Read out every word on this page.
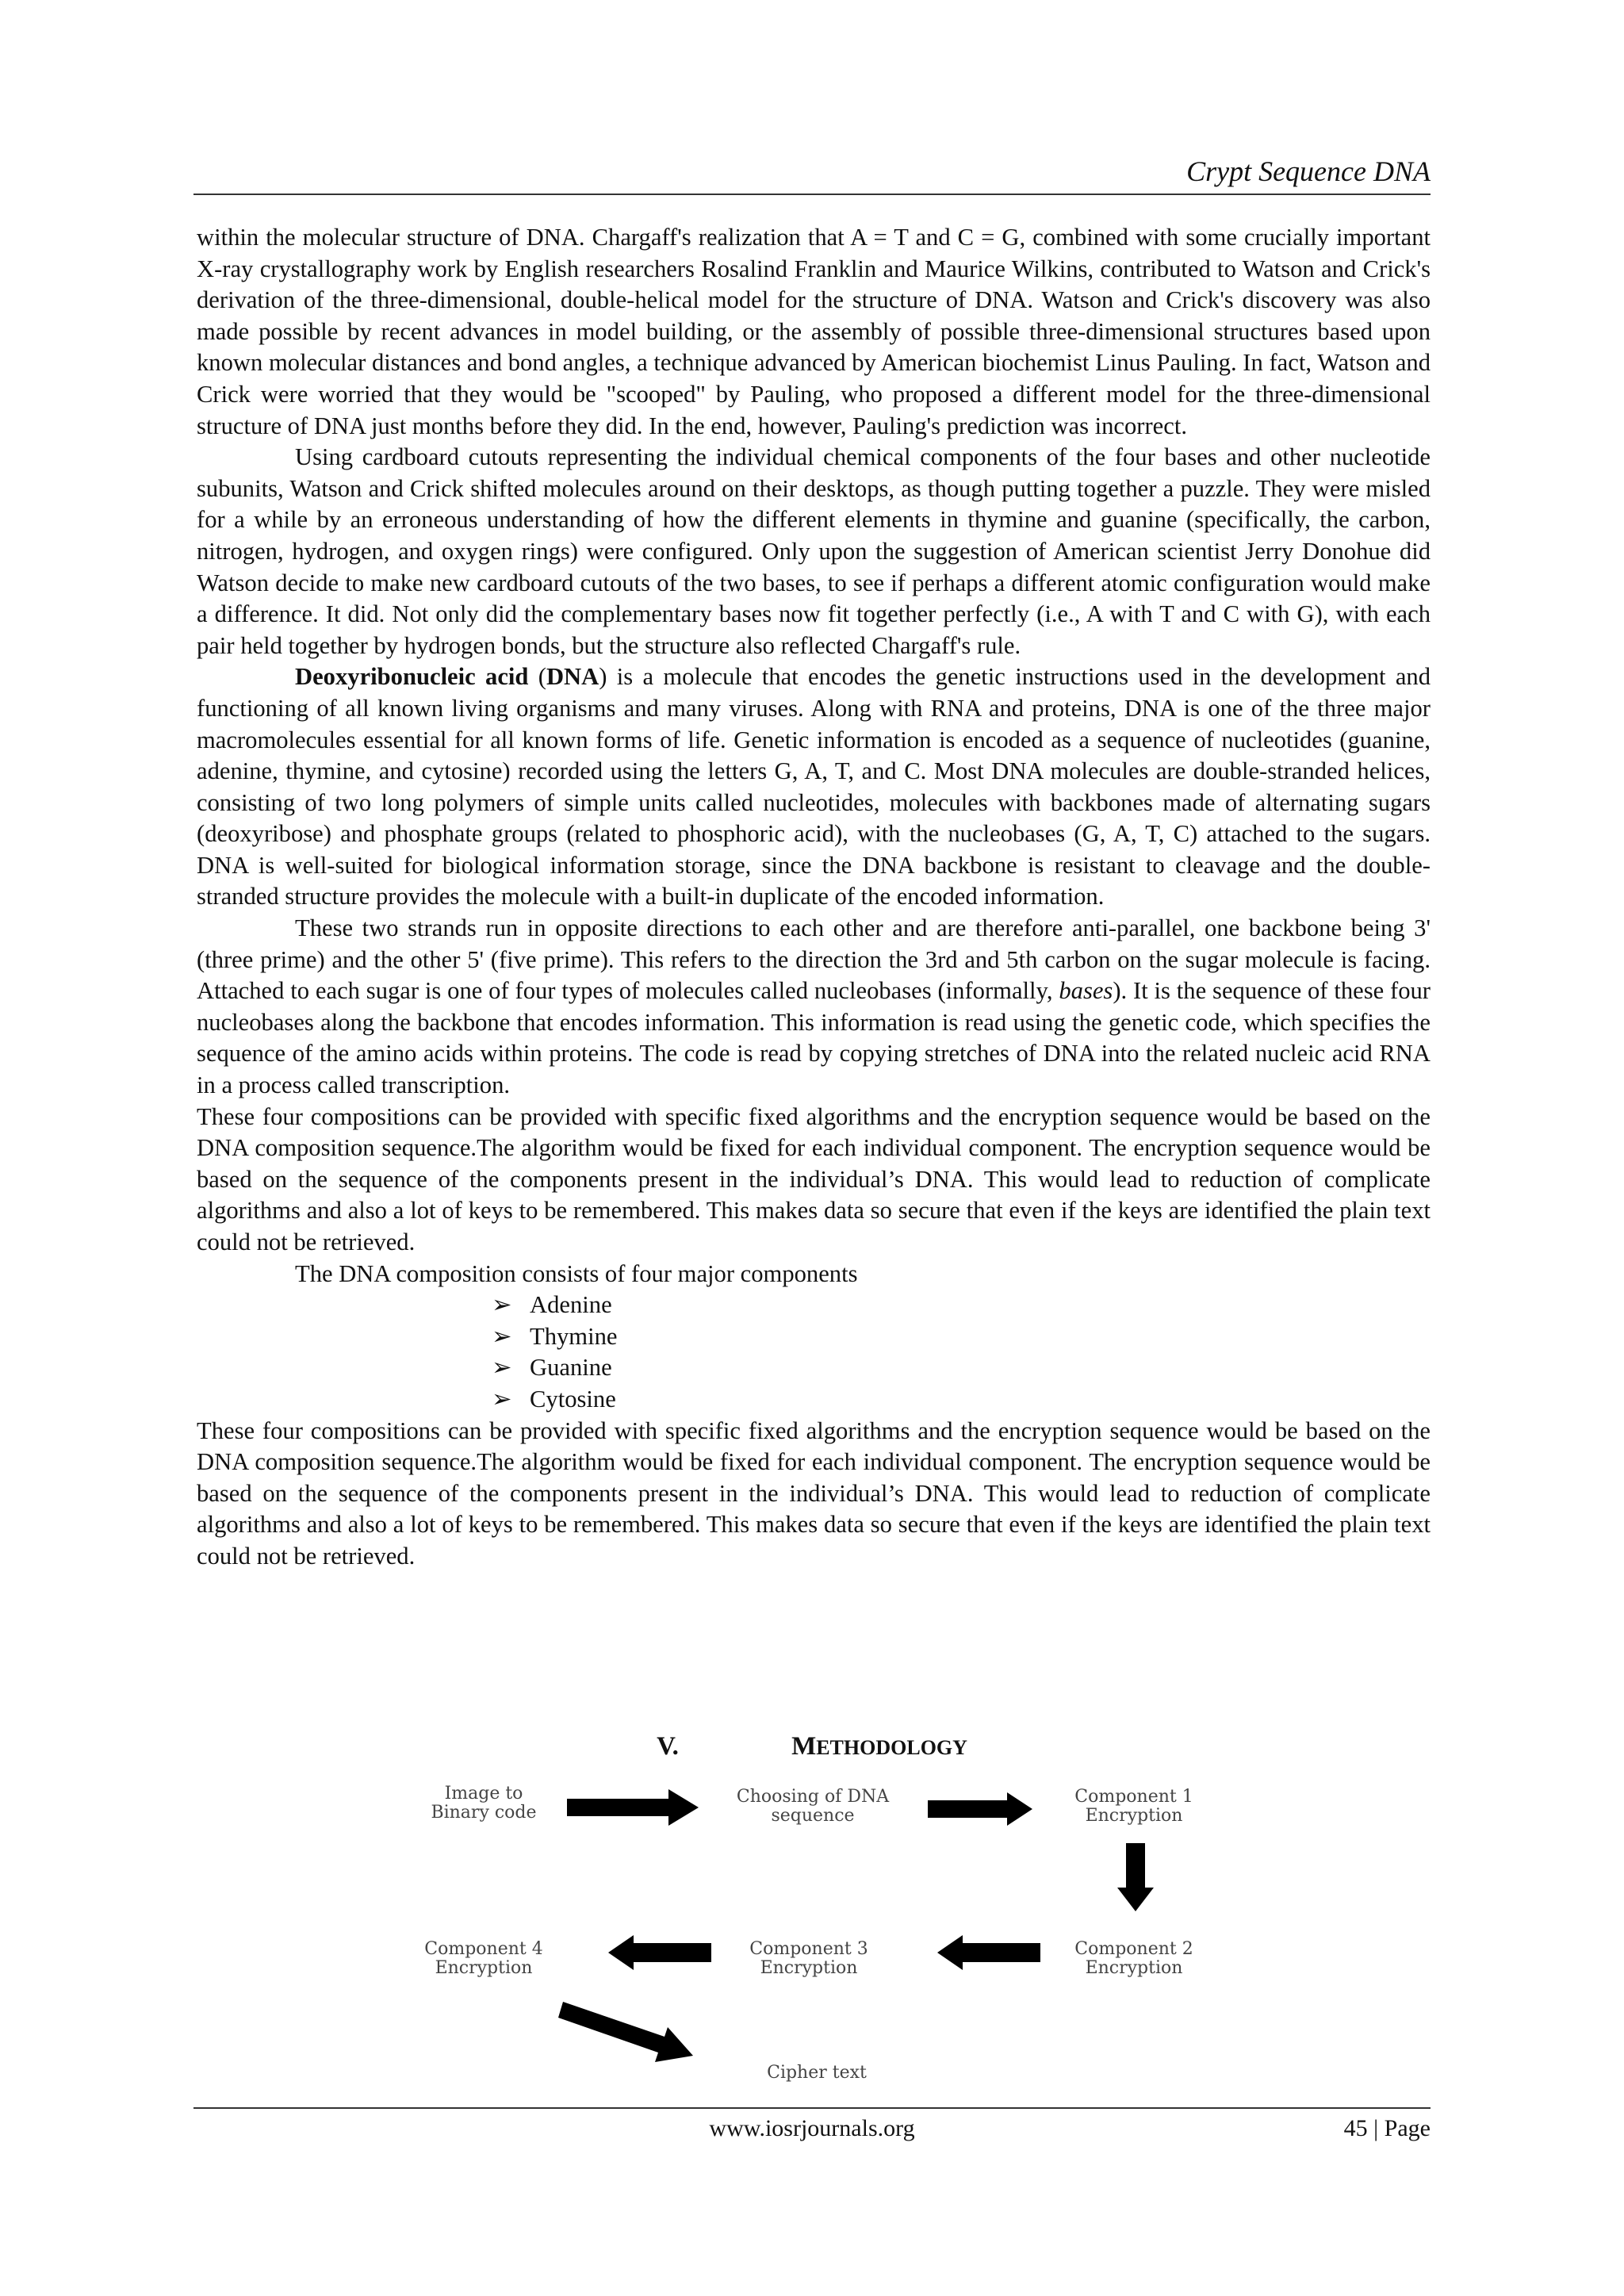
Crypt Sequence DNA

within the molecular structure of DNA. Chargaff's realization that A = T and C = G, combined with some crucially important X-ray crystallography work by English researchers Rosalind Franklin and Maurice Wilkins, contributed to Watson and Crick's derivation of the three-dimensional, double-helical model for the structure of DNA. Watson and Crick's discovery was also made possible by recent advances in model building, or the assembly of possible three-dimensional structures based upon known molecular distances and bond angles, a technique advanced by American biochemist Linus Pauling. In fact, Watson and Crick were worried that they would be "scooped" by Pauling, who proposed a different model for the three-dimensional structure of DNA just months before they did. In the end, however, Pauling's prediction was incorrect.

Using cardboard cutouts representing the individual chemical components of the four bases and other nucleotide subunits, Watson and Crick shifted molecules around on their desktops, as though putting together a puzzle. They were misled for a while by an erroneous understanding of how the different elements in thymine and guanine (specifically, the carbon, nitrogen, hydrogen, and oxygen rings) were configured. Only upon the suggestion of American scientist Jerry Donohue did Watson decide to make new cardboard cutouts of the two bases, to see if perhaps a different atomic configuration would make a difference. It did. Not only did the complementary bases now fit together perfectly (i.e., A with T and C with G), with each pair held together by hydrogen bonds, but the structure also reflected Chargaff's rule.

Deoxyribonucleic acid (DNA) is a molecule that encodes the genetic instructions used in the development and functioning of all known living organisms and many viruses. Along with RNA and proteins, DNA is one of the three major macromolecules essential for all known forms of life. Genetic information is encoded as a sequence of nucleotides (guanine, adenine, thymine, and cytosine) recorded using the letters G, A, T, and C. Most DNA molecules are double-stranded helices, consisting of two long polymers of simple units called nucleotides, molecules with backbones made of alternating sugars (deoxyribose) and phosphate groups (related to phosphoric acid), with the nucleobases (G, A, T, C) attached to the sugars. DNA is well-suited for biological information storage, since the DNA backbone is resistant to cleavage and the double-stranded structure provides the molecule with a built-in duplicate of the encoded information.

These two strands run in opposite directions to each other and are therefore anti-parallel, one backbone being 3' (three prime) and the other 5' (five prime). This refers to the direction the 3rd and 5th carbon on the sugar molecule is facing. Attached to each sugar is one of four types of molecules called nucleobases (informally, bases). It is the sequence of these four nucleobases along the backbone that encodes information. This information is read using the genetic code, which specifies the sequence of the amino acids within proteins. The code is read by copying stretches of DNA into the related nucleic acid RNA in a process called transcription.

These four compositions can be provided with specific fixed algorithms and the encryption sequence would be based on the DNA composition sequence.The algorithm would be fixed for each individual component. The encryption sequence would be based on the sequence of the components present in the individual’s DNA. This would lead to reduction of complicate algorithms and also a lot of keys to be remembered. This makes data so secure that even if the keys are identified the plain text could not be retrieved.

The DNA composition consists of four major components

➢ Adenine
➢ Thymine
➢ Guanine
➢ Cytosine

These four compositions can be provided with specific fixed algorithms and the encryption sequence would be based on the DNA composition sequence.The algorithm would be fixed for each individual component. The encryption sequence would be based on the sequence of the components present in the individual’s DNA. This would lead to reduction of complicate algorithms and also a lot of keys to be remembered. This makes data so secure that even if the keys are identified the plain text could not be retrieved.

V.	METHODOLOGY
Image to
Binary code
Choosing of DNA
sequence
Component 1
Encryption
Component 2
Encryption
Component 3
Encryption
Component 4
Encryption
Cipher text
www.iosrjournals.org	45 | Page
